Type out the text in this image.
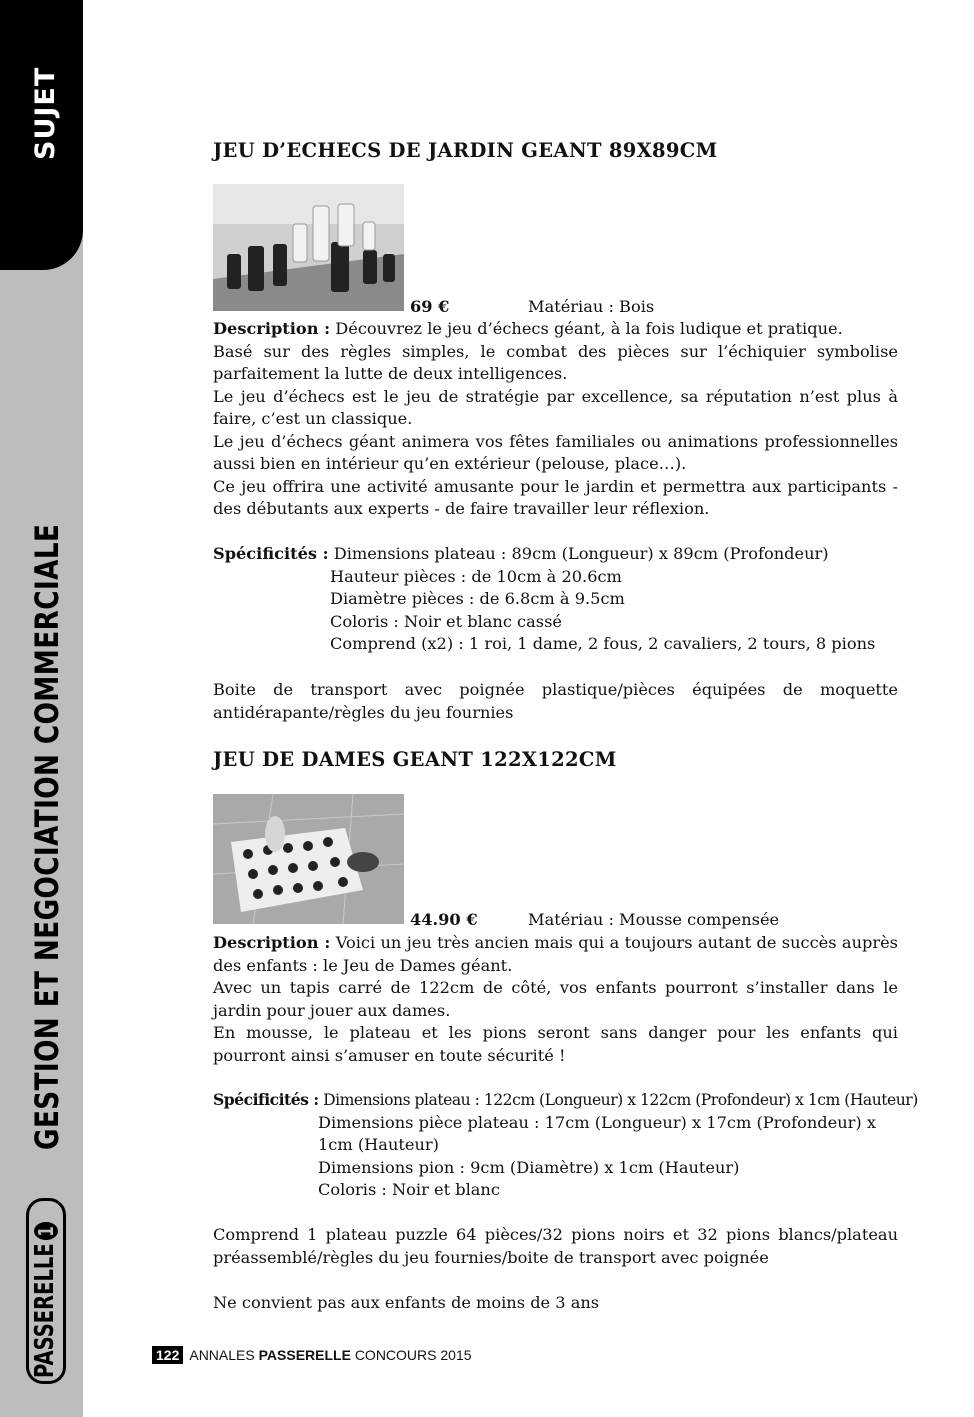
SUJET
GESTION ET NEGOCIATION COMMERCIALE
PASSERELLE1
JEU D’ECHECS DE JARDIN GEANT 89X89CM
69 €	Matériau : Bois

Description : Découvrez le jeu d’échecs géant, à la fois ludique et pratique.

Basé sur des règles simples, le combat des pièces sur l’échiquier symbolise parfaitement la lutte de deux intelligences.

Le jeu d’échecs est le jeu de stratégie par excellence, sa réputation n’est plus à faire, c’est un classique.

Le jeu d’échecs géant animera vos fêtes familiales ou animations professionnelles aussi bien en intérieur qu’en extérieur (pelouse, place…).

Ce jeu offrira une activité amusante pour le jardin et permettra aux participants - des débutants aux experts - de faire travailler leur réflexion.

Spécificités : Dimensions plateau : 89cm (Longueur) x 89cm (Profondeur)
Hauteur pièces : de 10cm à 20.6cm
Diamètre pièces : de 6.8cm à 9.5cm
Coloris : Noir et blanc cassé
Comprend (x2) : 1 roi, 1 dame, 2 fous, 2 cavaliers, 2 tours, 8 pions
Boite de transport avec poignée plastique/pièces équipées de moquette antidérapante/règles du jeu fournies
JEU DE DAMES GEANT 122X122CM
44.90 €	Matériau : Mousse compensée

Description : Voici un jeu très ancien mais qui a toujours autant de succès auprès des enfants : le Jeu de Dames géant.

Avec un tapis carré de 122cm de côté, vos enfants pourront s’installer dans le jardin pour jouer aux dames.

En mousse, le plateau et les pions seront sans danger pour les enfants qui pourront ainsi s’amuser en toute sécurité !

Spécificités : Dimensions plateau : 122cm (Longueur) x 122cm (Profondeur) x 1cm (Hauteur)
Dimensions pièce plateau : 17cm (Longueur) x 17cm (Profondeur) x
1cm (Hauteur)
Dimensions pion : 9cm (Diamètre) x 1cm (Hauteur)
Coloris : Noir et blanc
Comprend 1 plateau puzzle 64 pièces/32 pions noirs et 32 pions blancs/plateau préassemblé/règles du jeu fournies/boite de transport avec poignée
Ne convient pas aux enfants de moins de 3 ans
122 ANNALES PASSERELLE CONCOURS 2015
